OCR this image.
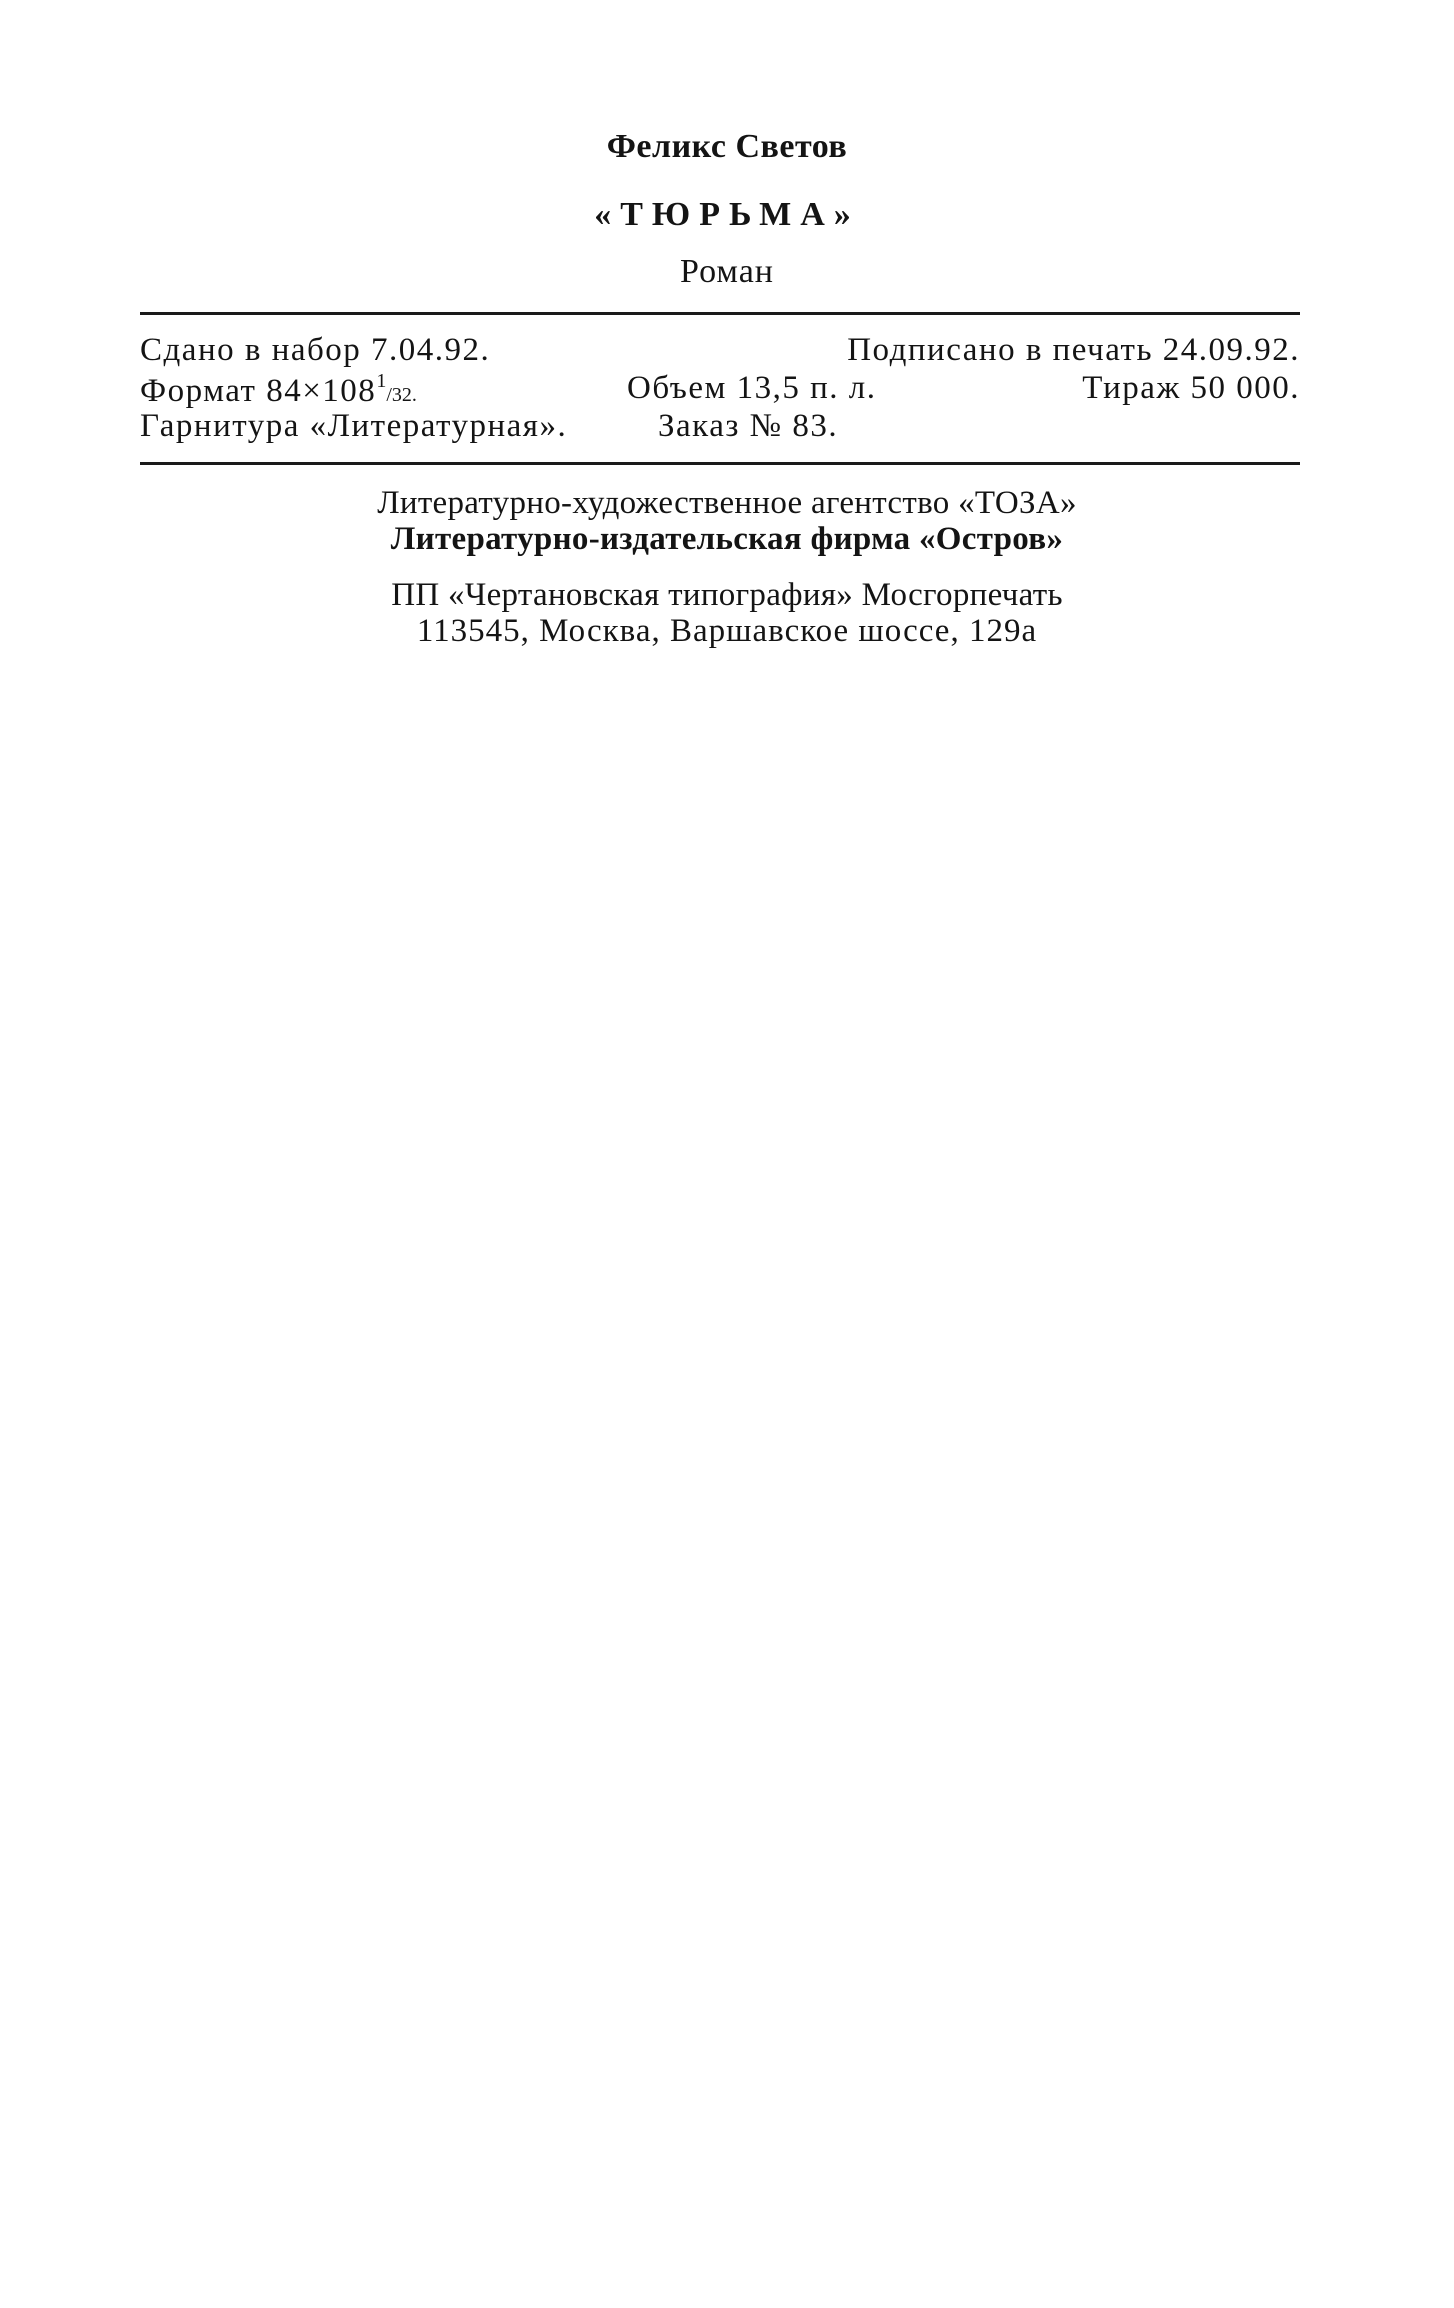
Феликс Светов
«ТЮРЬМА»
Роман
Сдано в набор 7.04.92.	Подписано в печать 24.09.92.
Формат $84\times 108^1/32$.	Объем 13,5 п. л.	Тираж 50 000.
Гарнитура «Литературная».	Заказ № 83.
Литературно-художественное агентство «ТОЗА»
Литературно-издательская фирма «Остров»
ПП «Чертановская типография» Мосгорпечать
113545, Москва, Варшавское шоссе, 129а
